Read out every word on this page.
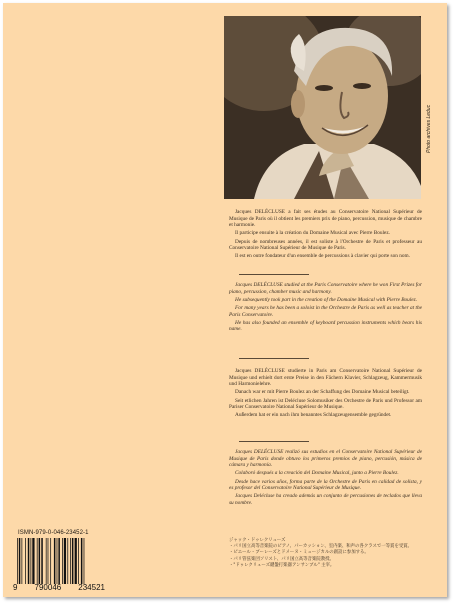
Photo archives Leduc

Jacques DELÉCLUSE a fait ses études au Conservatoire National Supérieur de Musique de Paris où il obtient les premiers prix de piano, percussion, musique de chambre et harmonie.

Il participe ensuite à la création du Domaine Musical avec Pierre Boulez.

Depuis de nombreuses années, il est soliste à l'Orchestre de Paris et professeur au Conservatoire National Supérieur de Musique de Paris.

Il est en outre fondateur d'un ensemble de percussions à clavier qui porte son nom.

Jacques DELÉCLUSE studied at the Paris Conservatoire where he won First Prizes for piano, percussion, chamber music and harmony.

He subsequently took part in the creation of the Domaine Musical with Pierre Boulez.

For many years he has been a soloist in the Orchestre de Paris as well as teacher at the Paris Conservatoire.

He has also founded an ensemble of keyboard percussion instruments which bears his name.

Jacques DELÉCLUSE studierte in Paris am Conservatoire National Supérieur de Musique und erhielt dort erste Preise in den Fächern Klavier, Schlagzeug, Kammermusik und Harmonielehre.

Danach war er mit Pierre Boulez an der Schaffung des Domaine Musical beteiligt.

Seit etlichen Jahren ist Delécluse Solomusiker des Orchestre de Paris und Professor am Pariser Conservatoire National Supérieur de Musique.

Außerdem hat er ein nach ihm benanntes Schlagzeugensemble gegründet.

Jacques DELÉCLUSE realizó sus estudios en el Conservatoire National Supérieur de Musique de Paris donde obtuvo los primeros premios de piano, percusión, música de cámara y harmonía.

Colaboró después a la creación del Domaine Musical, junto a Pierre Boulez.

Desde hace varios años, forma parte de la Orchestre de Paris en calidad de solista, y es profesor del Conservatoire National Supérieur de Musique.

Jacques Delécluse ha creado además un conjunto de percusiones de teclados que lleva su nombre.

ISMN-979-0-046-23452-1
9 790046 234521
ジャック・ドゥレクリューズ
・パリ国立高等音楽院のピアノ、パーカッション、室内楽、和声の各クラスで一等賞を受賞。
・ピエール・ブーレーズとドメーヌ・ミュージカルの創設に参加する。
・パリ管弦楽団ソリスト、パリ国立高等音楽院教授。
・"ドゥレクリューズ鍵盤打楽器アンサンブル" 主宰。
